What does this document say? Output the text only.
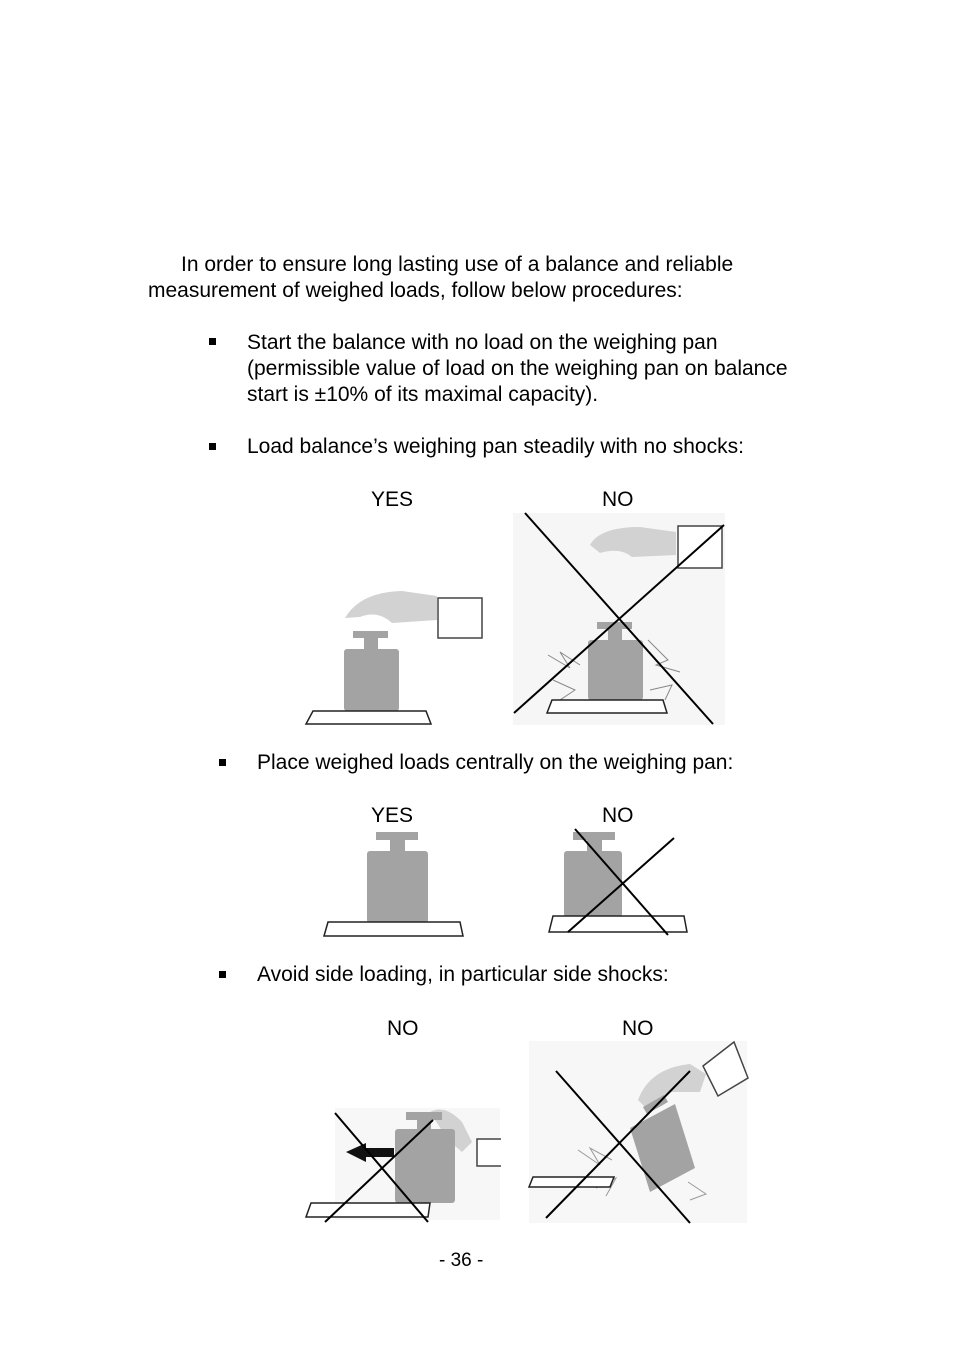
In order to ensure long lasting use of a balance and reliable
measurement of weighed loads, follow below procedures:
Start the balance with no load on the weighing pan
(permissible value of load on the weighing pan on balance
start is ±10% of its maximal capacity).
Load balance’s weighing pan steadily with no shocks:
YES	NO
Place weighed loads centrally on the weighing pan:
YES	NO
Avoid side loading, in particular side shocks:
NO	NO
- 36 -
